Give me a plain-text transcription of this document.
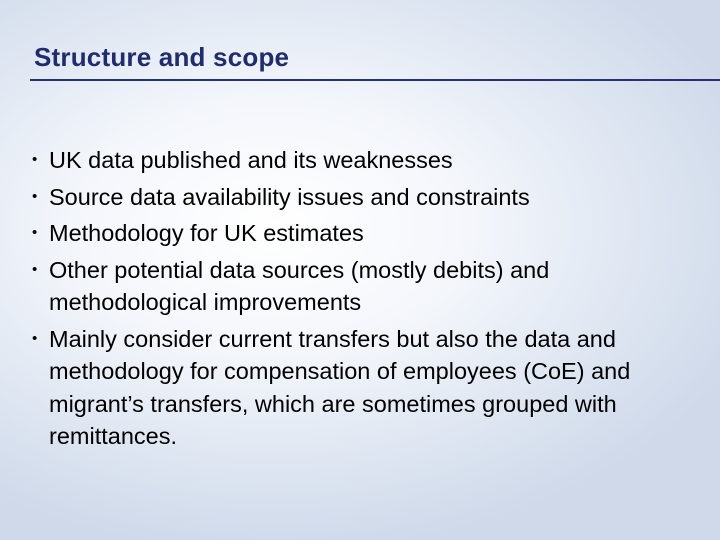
Structure and scope
• UK data published and its weaknesses
• Source data availability issues and constraints
• Methodology for UK estimates
• Other potential data sources (mostly debits) and methodological improvements
• Mainly consider current transfers but also the data and methodology for compensation of employees (CoE) and migrant’s transfers, which are sometimes grouped with remittances.
